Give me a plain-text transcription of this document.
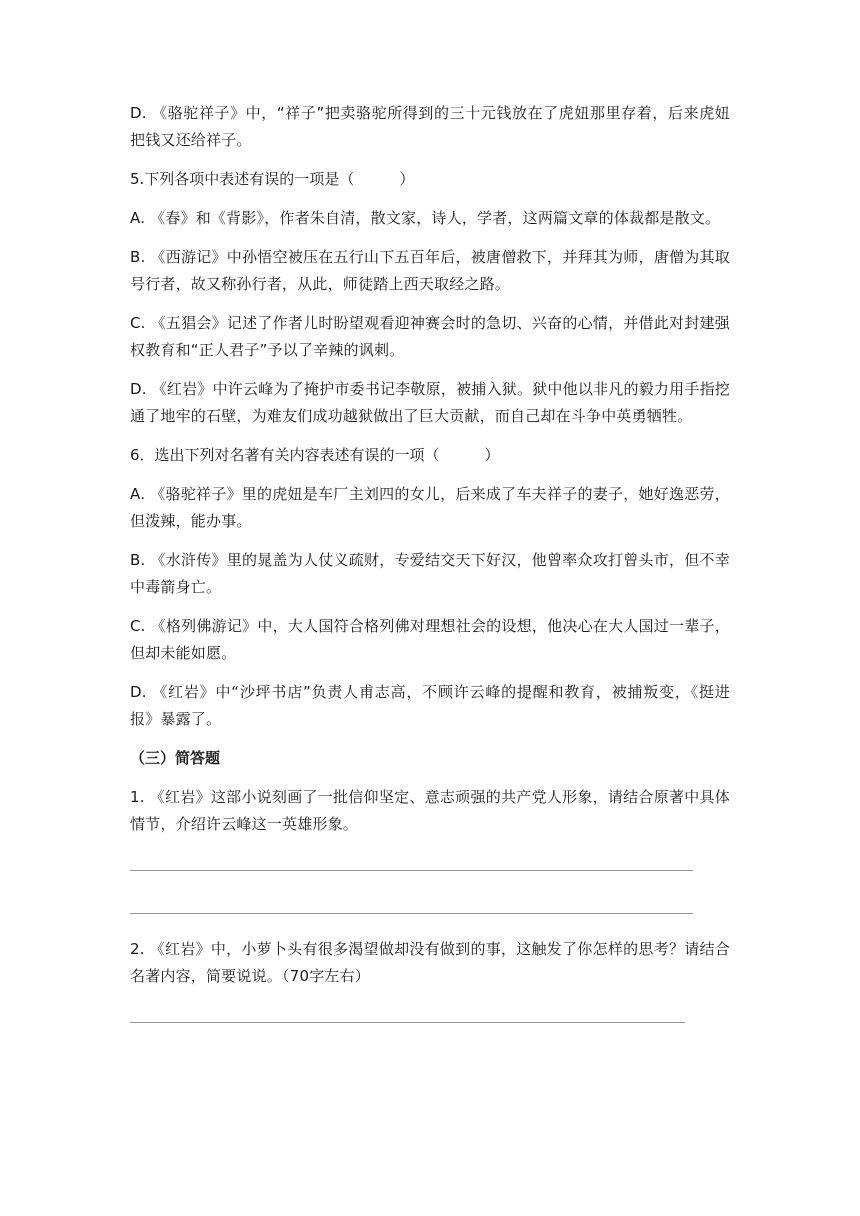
D. 《骆驼祥子》中，“祥子”把卖骆驼所得到的三十元钱放在了虎妞那里存着，后来虎妞把钱又还给祥子。

5.下列各项中表述有误的一项是（　　　）

A. 《春》和《背影》，作者朱自清，散文家，诗人，学者，这两篇文章的体裁都是散文。

B. 《西游记》中孙悟空被压在五行山下五百年后，被唐僧救下，并拜其为师，唐僧为其取号行者，故又称孙行者，从此，师徒踏上西天取经之路。

C. 《五猖会》记述了作者儿时盼望观看迎神赛会时的急切、兴奋的心情，并借此对封建强权教育和“正人君子”予以了辛辣的讽刺。

D. 《红岩》中许云峰为了掩护市委书记李敬原，被捕入狱。狱中他以非凡的毅力用手指挖通了地牢的石壁，为难友们成功越狱做出了巨大贡献，而自己却在斗争中英勇牺牲。

6．选出下列对名著有关内容表述有误的一项（　　　）

A. 《骆驼祥子》里的虎妞是车厂主刘四的女儿，后来成了车夫祥子的妻子，她好逸恶劳，但泼辣，能办事。

B. 《水浒传》里的晁盖为人仗义疏财，专爱结交天下好汉，他曾率众攻打曾头市，但不幸中毒箭身亡。

C. 《格列佛游记》中，大人国符合格列佛对理想社会的设想，他决心在大人国过一辈子，但却未能如愿。

D. 《红岩》中“沙坪书店”负责人甫志高，不顾许云峰的提醒和教育，被捕叛变，《挺进报》暴露了。

（三）简答题

1. 《红岩》这部小说刻画了一批信仰坚定、意志顽强的共产党人形象，请结合原著中具体情节，介绍许云峰这一英雄形象。

2. 《红岩》中，小萝卜头有很多渴望做却没有做到的事，这触发了你怎样的思考？请结合名著内容，简要说说。（70字左右）
